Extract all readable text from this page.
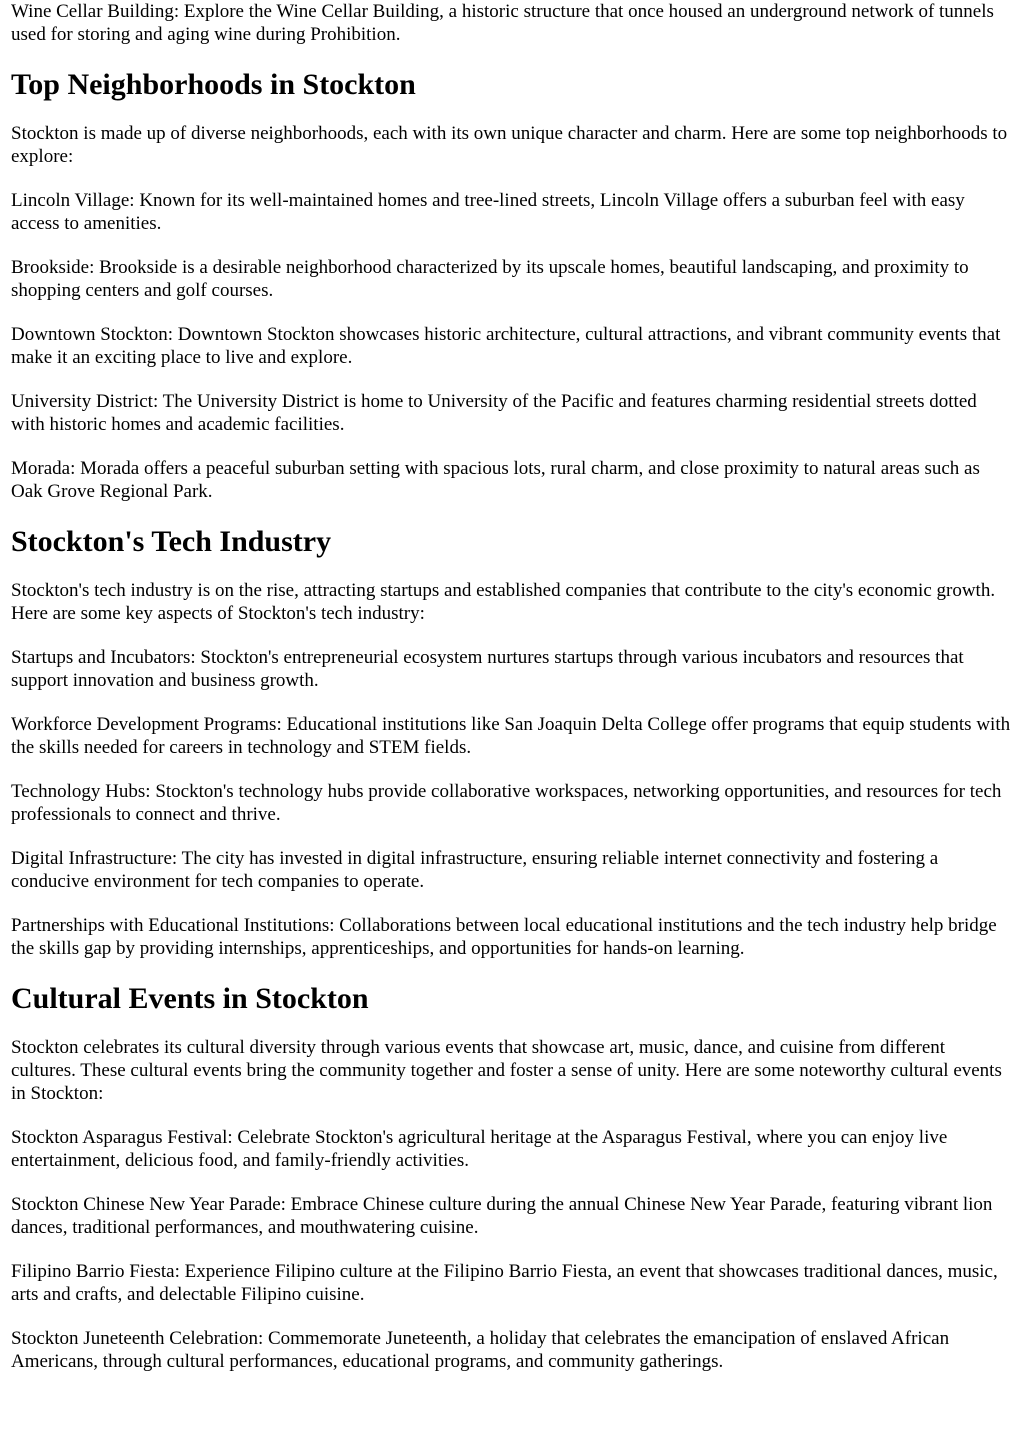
Wine Cellar Building: Explore the Wine Cellar Building, a historic structure that once housed an underground network of tunnels used for storing and aging wine during Prohibition.

Top Neighborhoods in Stockton

Stockton is made up of diverse neighborhoods, each with its own unique character and charm. Here are some top neighborhoods to explore:

Lincoln Village: Known for its well-maintained homes and tree-lined streets, Lincoln Village offers a suburban feel with easy access to amenities.

Brookside: Brookside is a desirable neighborhood characterized by its upscale homes, beautiful landscaping, and proximity to shopping centers and golf courses.

Downtown Stockton: Downtown Stockton showcases historic architecture, cultural attractions, and vibrant community events that make it an exciting place to live and explore.

University District: The University District is home to University of the Pacific and features charming residential streets dotted with historic homes and academic facilities.

Morada: Morada offers a peaceful suburban setting with spacious lots, rural charm, and close proximity to natural areas such as Oak Grove Regional Park.

Stockton's Tech Industry

Stockton's tech industry is on the rise, attracting startups and established companies that contribute to the city's economic growth. Here are some key aspects of Stockton's tech industry:

Startups and Incubators: Stockton's entrepreneurial ecosystem nurtures startups through various incubators and resources that support innovation and business growth.

Workforce Development Programs: Educational institutions like San Joaquin Delta College offer programs that equip students with the skills needed for careers in technology and STEM fields.

Technology Hubs: Stockton's technology hubs provide collaborative workspaces, networking opportunities, and resources for tech professionals to connect and thrive.

Digital Infrastructure: The city has invested in digital infrastructure, ensuring reliable internet connectivity and fostering a conducive environment for tech companies to operate.

Partnerships with Educational Institutions: Collaborations between local educational institutions and the tech industry help bridge the skills gap by providing internships, apprenticeships, and opportunities for hands-on learning.

Cultural Events in Stockton

Stockton celebrates its cultural diversity through various events that showcase art, music, dance, and cuisine from different cultures. These cultural events bring the community together and foster a sense of unity. Here are some noteworthy cultural events in Stockton:

Stockton Asparagus Festival: Celebrate Stockton's agricultural heritage at the Asparagus Festival, where you can enjoy live entertainment, delicious food, and family-friendly activities.

Stockton Chinese New Year Parade: Embrace Chinese culture during the annual Chinese New Year Parade, featuring vibrant lion dances, traditional performances, and mouthwatering cuisine.

Filipino Barrio Fiesta: Experience Filipino culture at the Filipino Barrio Fiesta, an event that showcases traditional dances, music, arts and crafts, and delectable Filipino cuisine.

Stockton Juneteenth Celebration: Commemorate Juneteenth, a holiday that celebrates the emancipation of enslaved African Americans, through cultural performances, educational programs, and community gatherings.
